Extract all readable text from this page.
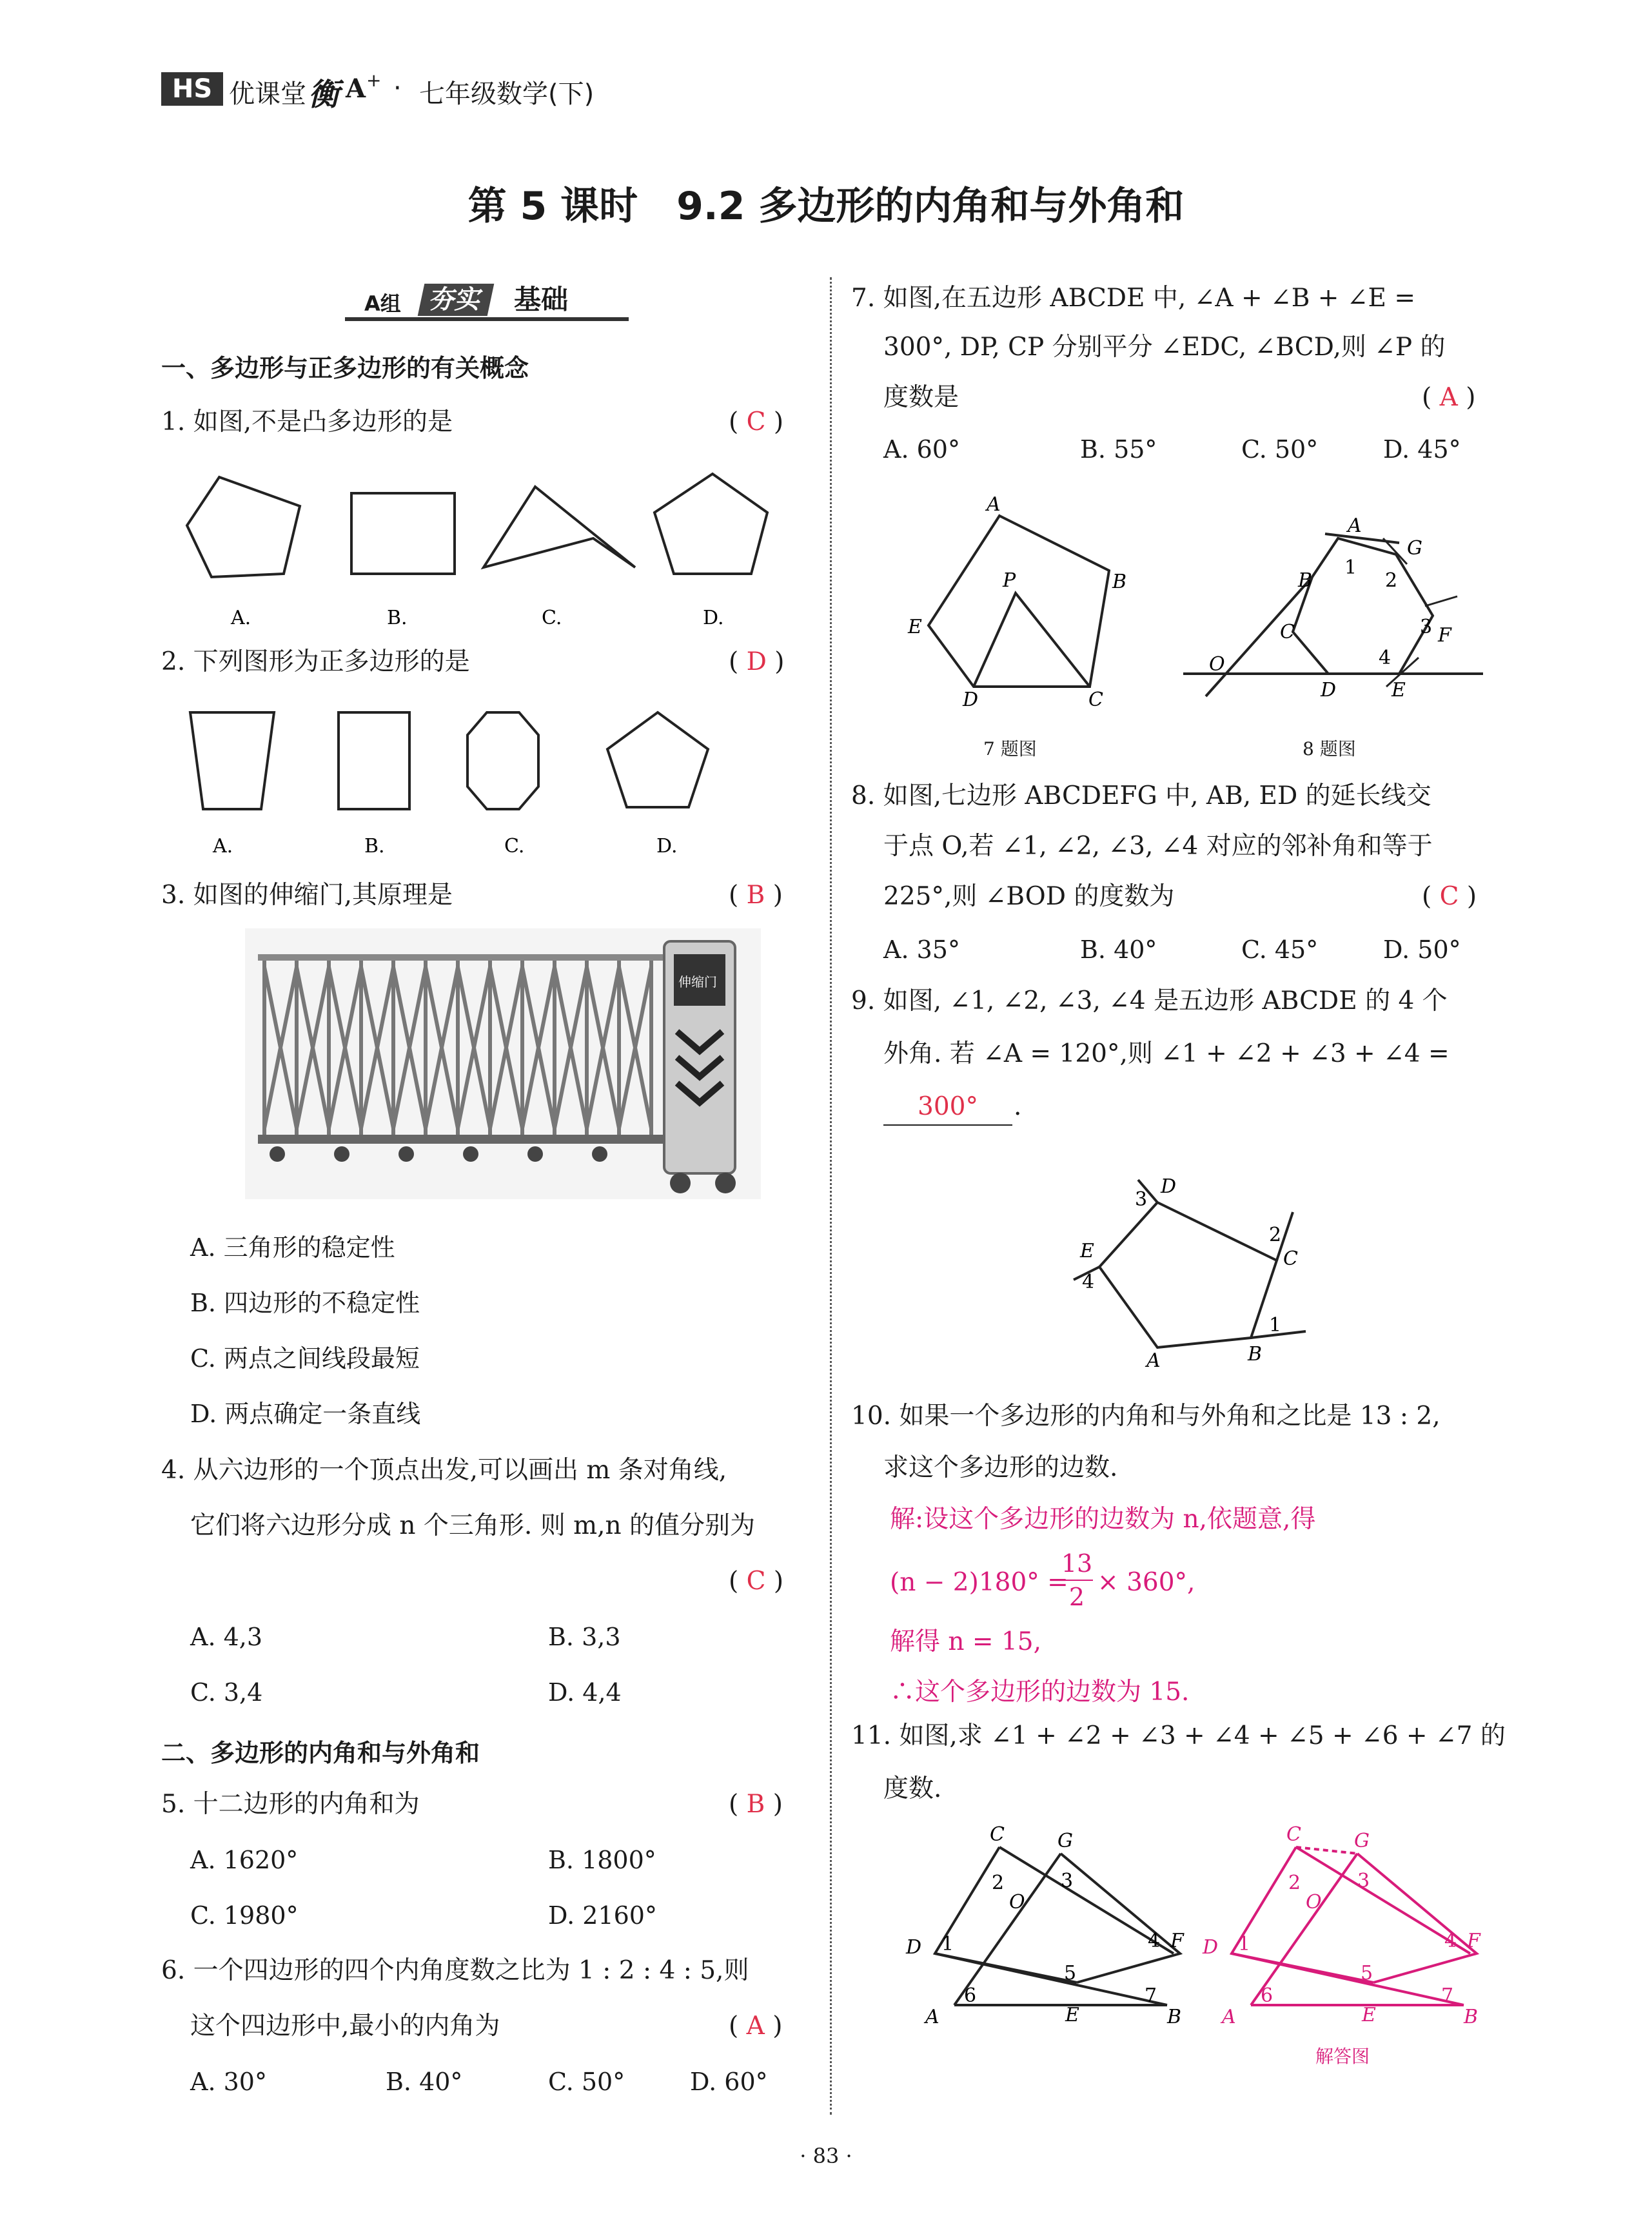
HS 优课堂 衡 A + · 七年级数学(下)
第 5 课时　9.2 多边形的内角和与外角和
A组	夯实	基础
一、多边形与正多边形的有关概念
1. 如图,不是凸多边形的是	( C )
A.	B.	C.	D.
2. 下列图形为正多边形的是	( D )
A.	B.	C.	D.
3. 如图的伸缩门,其原理是	( B )
伸缩门
A. 三角形的稳定性
B. 四边形的不稳定性
C. 两点之间线段最短
D. 两点确定一条直线
4. 从六边形的一个顶点出发,可以画出 m 条对角线,
它们将六边形分成 n 个三角形. 则 m,n 的值分别为
( C )
A. 4,3	B. 3,3
C. 3,4	D. 4,4
二、多边形的内角和与外角和
5. 十二边形的内角和为	( B )
A. 1620°	B. 1800°
C. 1980°	D. 2160°
6. 一个四边形的四个内角度数之比为 1 : 2 : 4 : 5,则
这个四边形中,最小的内角为	( A )
A. 30°	B. 40°	C. 50°	D. 60°
7. 如图,在五边形 ABCDE 中, ∠A + ∠B + ∠E =
300°, DP, CP 分别平分 ∠EDC, ∠BCD,则 ∠P 的
度数是	( A )
A. 60°	B. 55°	C. 50°	D. 45°
A
B
C
D
E
P
7 题图
A
B
C
D	E
F
G
O
1
2
3
4
8 题图
8. 如图,七边形 ABCDEFG 中, AB, ED 的延长线交
于点 O,若 ∠1, ∠2, ∠3, ∠4 对应的邻补角和等于
225°,则 ∠BOD 的度数为	( C )
A. 35°	B. 40°	C. 45°	D. 50°
9. 如图, ∠1, ∠2, ∠3, ∠4 是五边形 ABCDE 的 4 个
外角. 若 ∠A = 120°,则 ∠1 + ∠2 + ∠3 + ∠4 =
300°	.
A	B
C
D
E
1
2
3
4
10. 如果一个多边形的内角和与外角和之比是 13 : 2,
求这个多边形的边数.
解:设这个多边形的边数为 n,依题意,得
(n − 2)180° =
$\frac{13}{2} \times 360^\circ$,
解得 n = 15,
∴这个多边形的边数为 15.
11. 如图,求 ∠1 + ∠2 + ∠3 + ∠4 + ∠5 + ∠6 + ∠7 的
度数.
C	G
O
D	F
A	E	B
1
2	3
4
5
6	7
C	G
O
D	F
A	E	B
1
2	3
4
5
6	7
解答图
· 83 ·
